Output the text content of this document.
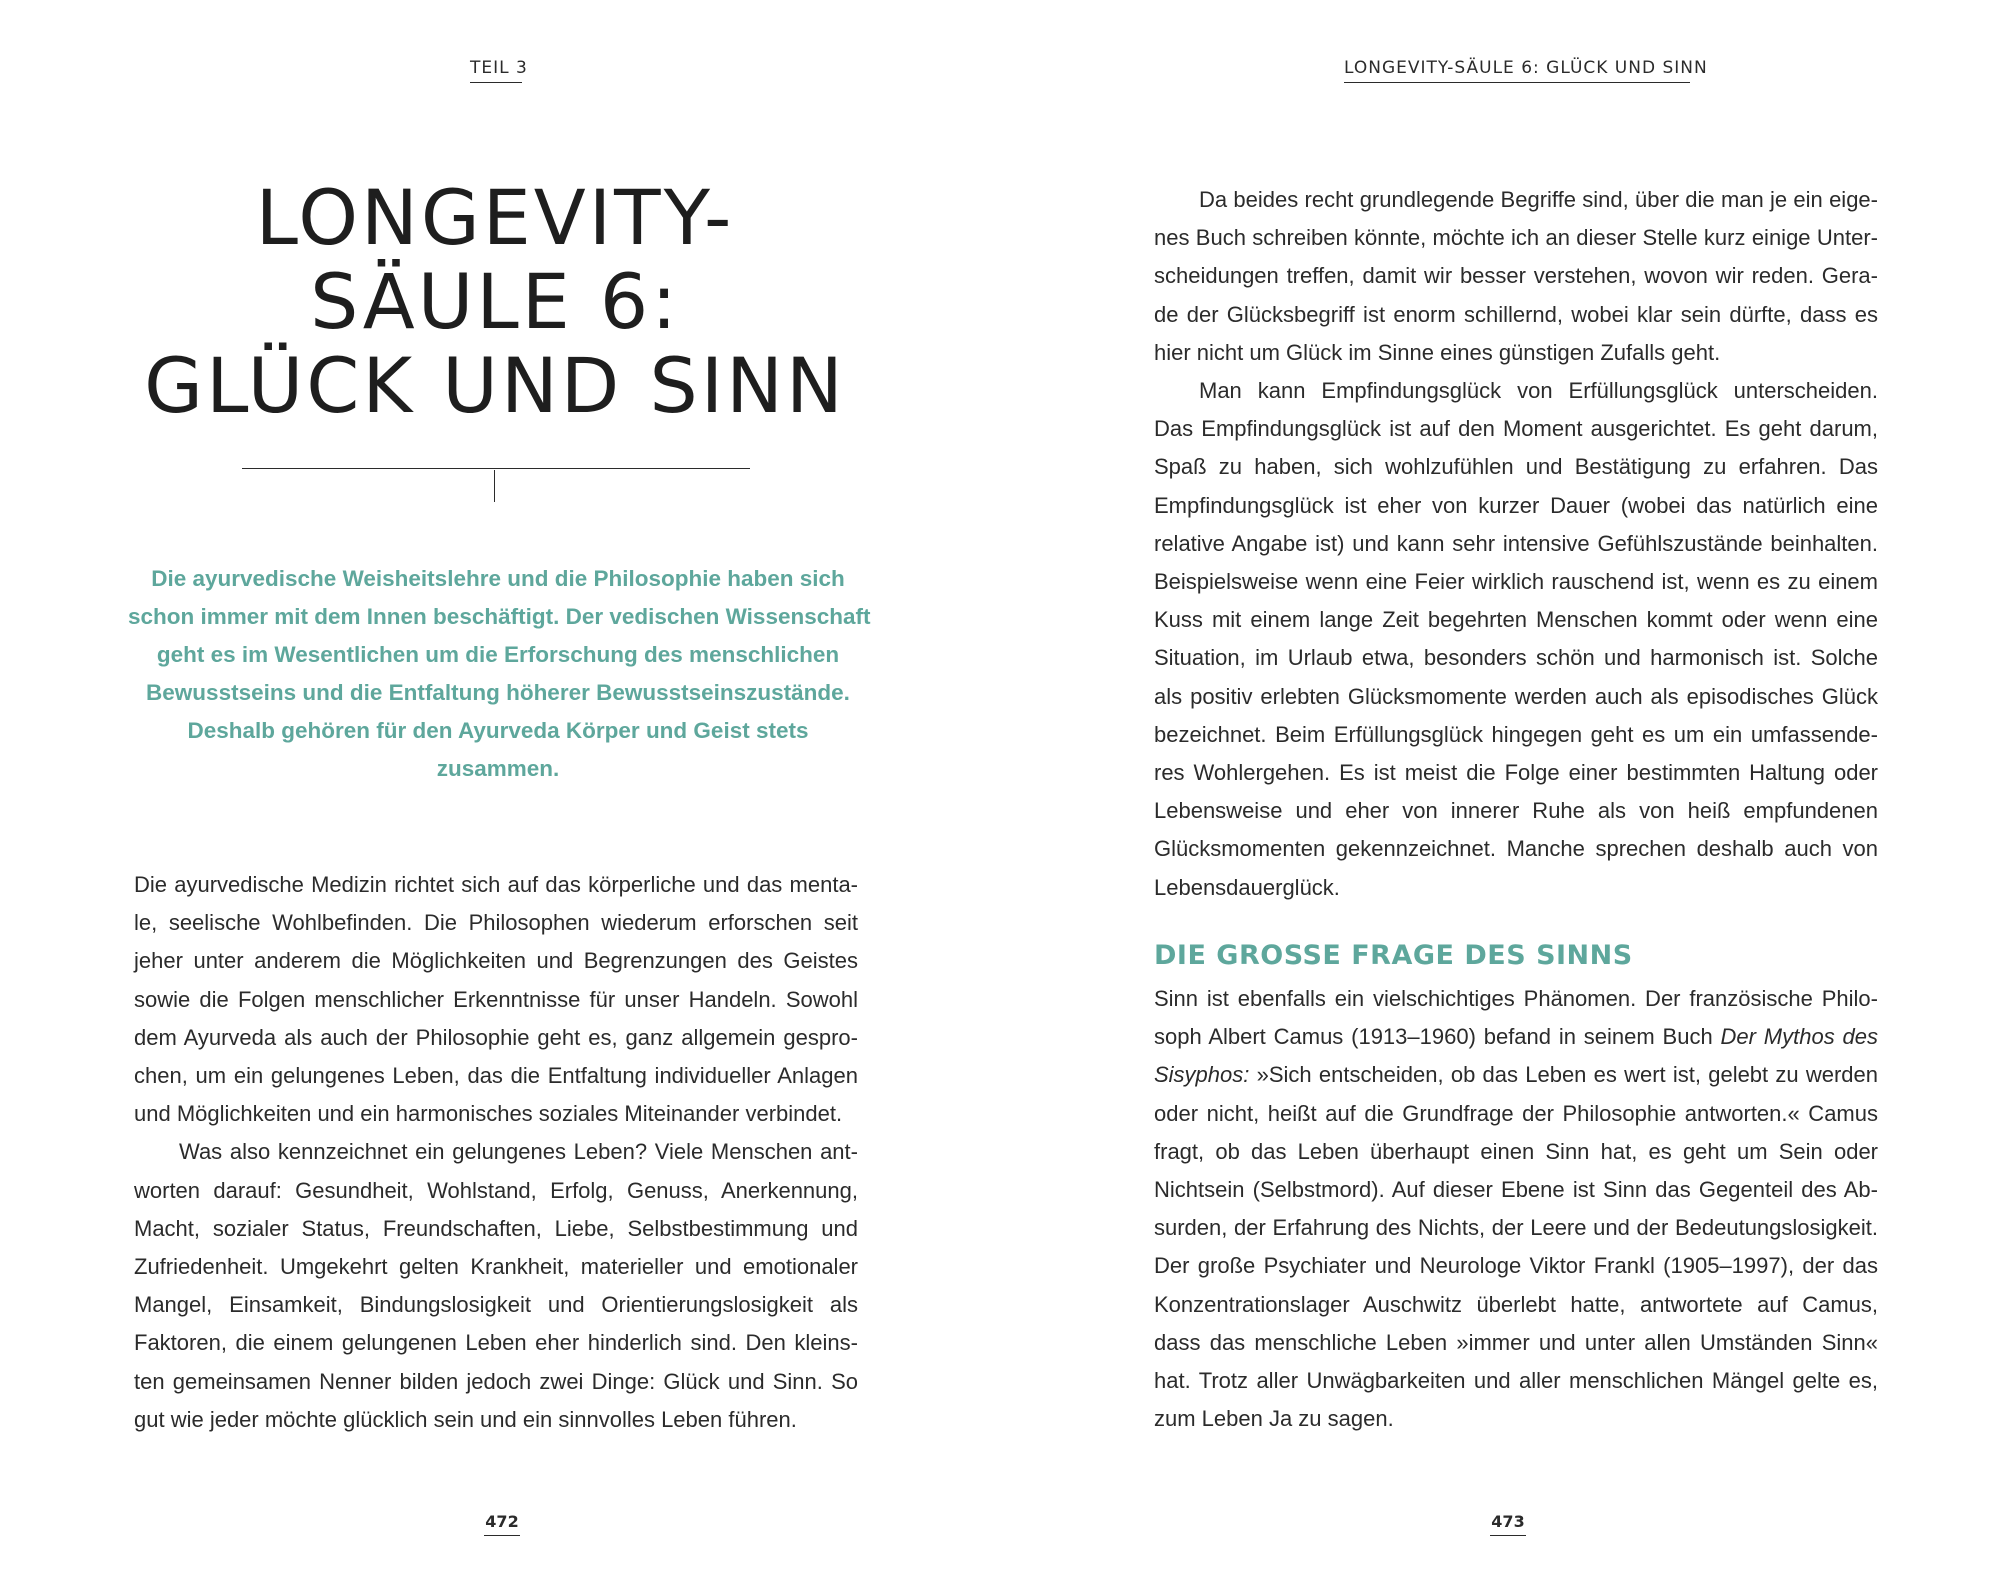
TEIL 3
LONGEVITY-
SÄULE 6:
GLÜCK UND SINN

Die ayurvedische Weisheitslehre und die Philosophie haben sich
schon immer mit dem Innen beschäftigt. Der vedischen Wissenschaft
geht es im Wesentlichen um die Erforschung des menschlichen
Bewusstseins und die Entfaltung höherer Bewusstseinszustände.
Deshalb gehören für den Ayurveda Körper und Geist stets
zusammen.

Die ayurvedische Medizin richtet sich auf das körperliche und das menta-
le, seelische Wohlbefinden. Die Philosophen wiederum erforschen seit
jeher unter anderem die Möglichkeiten und Begrenzungen des Geistes
sowie die Folgen menschlicher Erkenntnisse für unser Handeln. Sowohl
dem Ayurveda als auch der Philosophie geht es, ganz allgemein gespro-
chen, um ein gelungenes Leben, das die Entfaltung individueller Anlagen
und Möglichkeiten und ein harmonisches soziales Miteinander verbindet.
Was also kennzeichnet ein gelungenes Leben? Viele Menschen ant-
worten darauf: Gesundheit, Wohlstand, Erfolg, Genuss, Anerkennung,
Macht, sozialer Status, Freundschaften, Liebe, Selbstbestimmung und
Zufriedenheit. Umgekehrt gelten Krankheit, materieller und emotionaler
Mangel, Einsamkeit, Bindungslosigkeit und Orientierungslosigkeit als
Faktoren, die einem gelungenen Leben eher hinderlich sind. Den kleins-
ten gemeinsamen Nenner bilden jedoch zwei Dinge: Glück und Sinn. So
gut wie jeder möchte glücklich sein und ein sinnvolles Leben führen.
472
LONGEVITY-SÄULE 6: GLÜCK UND SINN
Da beides recht grundlegende Begriffe sind, über die man je ein eige-
nes Buch schreiben könnte, möchte ich an dieser Stelle kurz einige Unter-
scheidungen treffen, damit wir besser verstehen, wovon wir reden. Gera-
de der Glücksbegriff ist enorm schillernd, wobei klar sein dürfte, dass es
hier nicht um Glück im Sinne eines günstigen Zufalls geht.
Man kann Empfindungsglück von Erfüllungsglück unterscheiden.
Das Empfindungsglück ist auf den Moment ausgerichtet. Es geht darum,
Spaß zu haben, sich wohlzufühlen und Bestätigung zu erfahren. Das
Empfindungsglück ist eher von kurzer Dauer (wobei das natürlich eine
relative Angabe ist) und kann sehr intensive Gefühlszustände beinhalten.
Beispielsweise wenn eine Feier wirklich rauschend ist, wenn es zu einem
Kuss mit einem lange Zeit begehrten Menschen kommt oder wenn eine
Situation, im Urlaub etwa, besonders schön und harmonisch ist. Solche
als positiv erlebten Glücksmomente werden auch als episodisches Glück
bezeichnet. Beim Erfüllungsglück hingegen geht es um ein umfassende-
res Wohlergehen. Es ist meist die Folge einer bestimmten Haltung oder
Lebensweise und eher von innerer Ruhe als von heiß empfundenen
Glücksmomenten gekennzeichnet. Manche sprechen deshalb auch von
Lebensdauerglück.
DIE GROSSE FRAGE DES SINNS
Sinn ist ebenfalls ein vielschichtiges Phänomen. Der französische Philo-
soph Albert Camus (1913–1960) befand in seinem Buch Der Mythos des
Sisyphos: »Sich entscheiden, ob das Leben es wert ist, gelebt zu werden
oder nicht, heißt auf die Grundfrage der Philosophie antworten.« Camus
fragt, ob das Leben überhaupt einen Sinn hat, es geht um Sein oder
Nichtsein (Selbstmord). Auf dieser Ebene ist Sinn das Gegenteil des Ab-
surden, der Erfahrung des Nichts, der Leere und der Bedeutungslosigkeit.
Der große Psychiater und Neurologe Viktor Frankl (1905–1997), der das
Konzentrationslager Auschwitz überlebt hatte, antwortete auf Camus,
dass das menschliche Leben »immer und unter allen Umständen Sinn«
hat. Trotz aller Unwägbarkeiten und aller menschlichen Mängel gelte es,
zum Leben Ja zu sagen.
473
